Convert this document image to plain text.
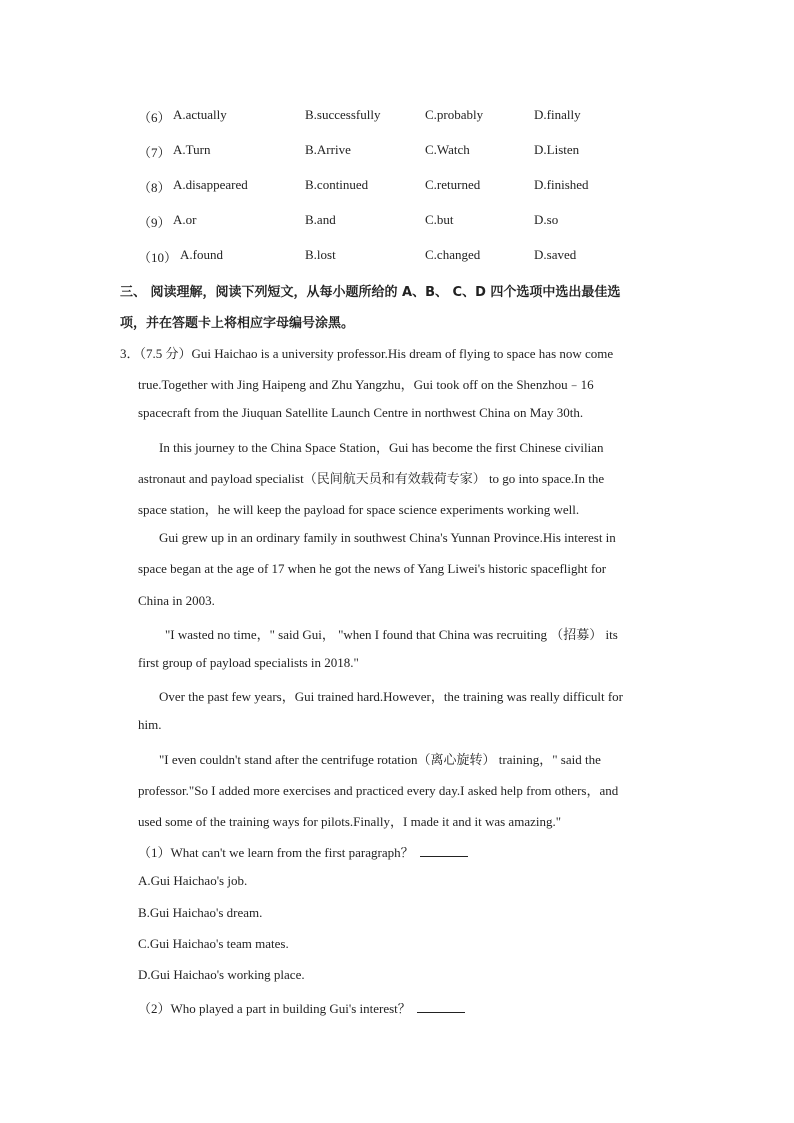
（6） A.actually	B.successfully	C.probably	D.finally
（7） A.Turn	B.Arrive	C.Watch	D.Listen
（8） A.disappeared	B.continued	C.returned	D.finished
（9） A.or	B.and	C.but	D.so
（10） A.found	B.lost	C.changed	D.saved
三、 阅读理解，阅读下列短文，从每小题所给的 A、B、 C、D 四个选项中选出最佳选
项，并在答题卡上将相应字母编号涂黑。
3．（7.5 分）Gui Haichao is a university professor.His dream of flying to space has now come
true.Together with Jing Haipeng and Zhu Yangzhu，Gui took off on the Shenzhou﹣16
spacecraft from the Jiuquan Satellite Launch Centre in northwest China on May 30th.
In this journey to the China Space Station，Gui has become the first Chinese civilian
astronaut and payload specialist（民间航天员和有效载荷专家） to go into space.In the
space station，he will keep the payload for space science experiments working well.
Gui grew up in an ordinary family in southwest China's Yunnan Province.His interest in
space began at the age of 17 when he got the news of Yang Liwei's historic spaceflight for
China in 2003.
"I wasted no time，" said Gui， "when I found that China was recruiting （招募） its
first group of payload specialists in 2018."
Over the past few years，Gui trained hard.However，the training was really difficult for
him.
"I even couldn't stand after the centrifuge rotation（离心旋转） training，" said the
professor."So I added more exercises and practiced every day.I asked help from others，and
used some of the training ways for pilots.Finally，I made it and it was amazing."
（1）What can't we learn from the first paragraph？
A.Gui Haichao's job.
B.Gui Haichao's dream.
C.Gui Haichao's team mates.
D.Gui Haichao's working place.
（2）Who played a part in building Gui's interest？
